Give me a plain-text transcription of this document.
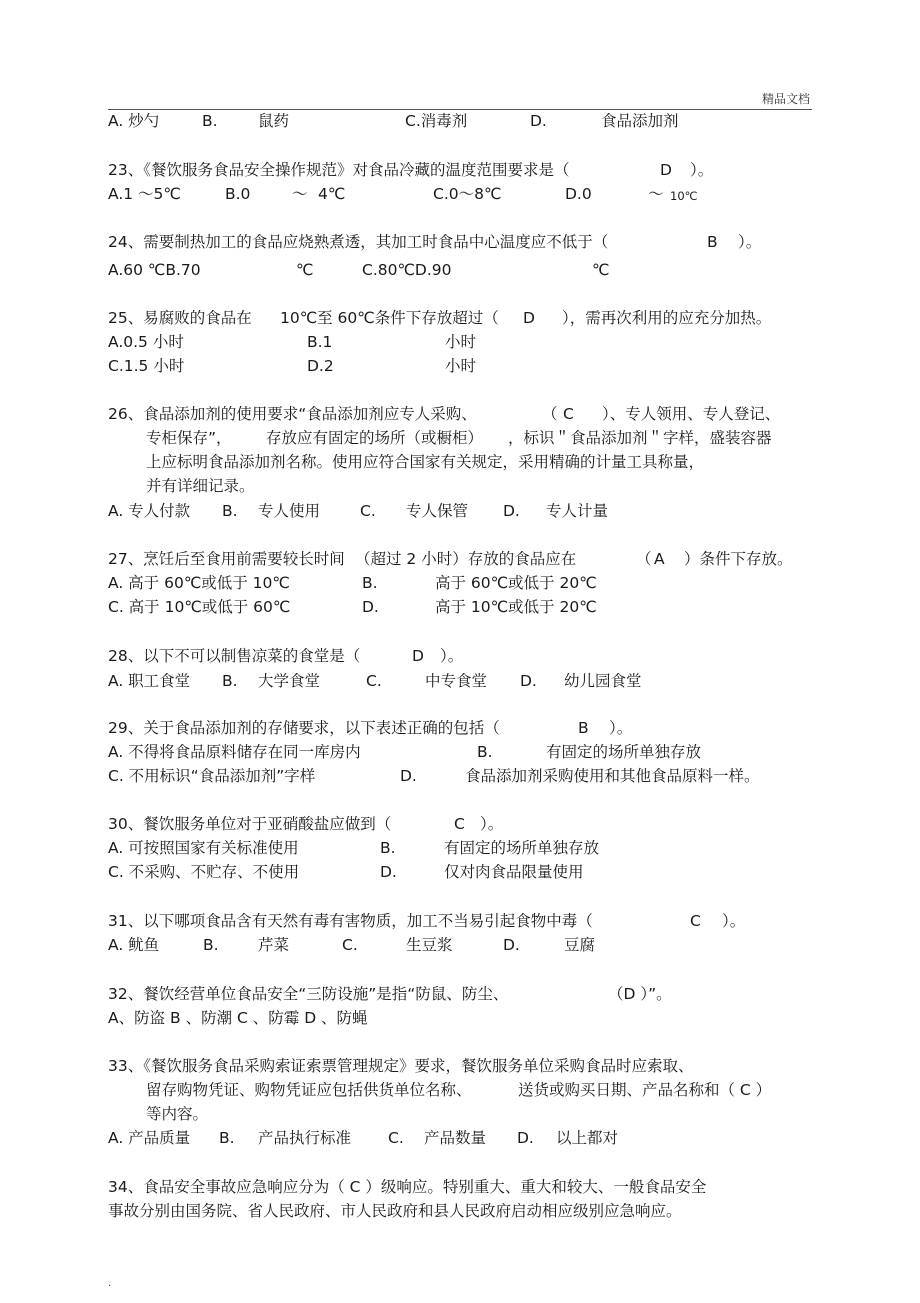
精品文档
A. 炒勺	B.	鼠药	C.消毒剂	D.	食品添加剂
23、《餐饮服务食品安全操作规范》对食品冷藏的温度范围要求是（	D ）。
A.1 ～5℃	B.0	～ 4℃	C.0～8℃	D.0	～ 10℃
24、需要制热加工的食品应烧熟煮透，其加工时食品中心温度应不低于（	B ）。
A.60 ℃B.70	℃	C.80℃D.90	℃
25、易腐败的食品在 10℃至 60℃条件下存放超过（ D ），需再次利用的应充分加热。
A.0.5 小时	B.1	小时
C.1.5 小时	D.2	小时
26、食品添加剂的使用要求“食品添加剂应专人采购、	（ C ）、专人领用、专人登记、
专柜保存”， 存放应有固定的场所（或橱柜） ，标识＂食品添加剂＂字样，盛装容器
上应标明食品添加剂名称。使用应符合国家有关规定，采用精确的计量工具称量，
并有详细记录。
A. 专人付款 B. 专人使用	C. 专人保管 D. 专人计量
27、烹饪后至食用前需要较长时间 （超过 2 小时）存放的食品应在	（ A ）条件下存放。
A. 高于 60℃或低于 10℃	B.	高于 60℃或低于 20℃
C. 高于 10℃或低于 60℃	D.	高于 10℃或低于 20℃
28、以下不可以制售凉菜的食堂是（	D ）。
A. 职工食堂 B. 大学食堂	C.	中专食堂 D. 幼儿园食堂
29、关于食品添加剂的存储要求，以下表述正确的包括（	B ）。
A. 不得将食品原料储存在同一库房内	B.	有固定的场所单独存放
C. 不用标识“食品添加剂”字样	D.	食品添加剂采购使用和其他食品原料一样。
30、餐饮服务单位对于亚硝酸盐应做到（	C ）。
A. 可按照国家有关标准使用	B.	有固定的场所单独存放
C. 不采购、不贮存、不使用	D.	仅对肉食品限量使用
31、以下哪项食品含有天然有毒有害物质，加工不当易引起食物中毒（	C ）。
A. 鱿鱼	B.	芹菜	C.	生豆浆	D.	豆腐
32、餐饮经营单位食品安全“三防设施”是指“防鼠、防尘、	（D ）”。
A、防盗 B 、防潮 C 、防霉 D 、防蝇
33、《餐饮服务食品采购索证索票管理规定》要求，餐饮服务单位采购食品时应索取、
留存购物凭证、购物凭证应包括供货单位名称、	送货或购买日期、产品名称和（ C ）
等内容。
A. 产品质量 B. 产品执行标准 C. 产品数量 D. 以上都对
34、食品安全事故应急响应分为（ C ）级响应。特别重大、重大和较大、一般食品安全
事故分别由国务院、省人民政府、市人民政府和县人民政府启动相应级别应急响应。
.
